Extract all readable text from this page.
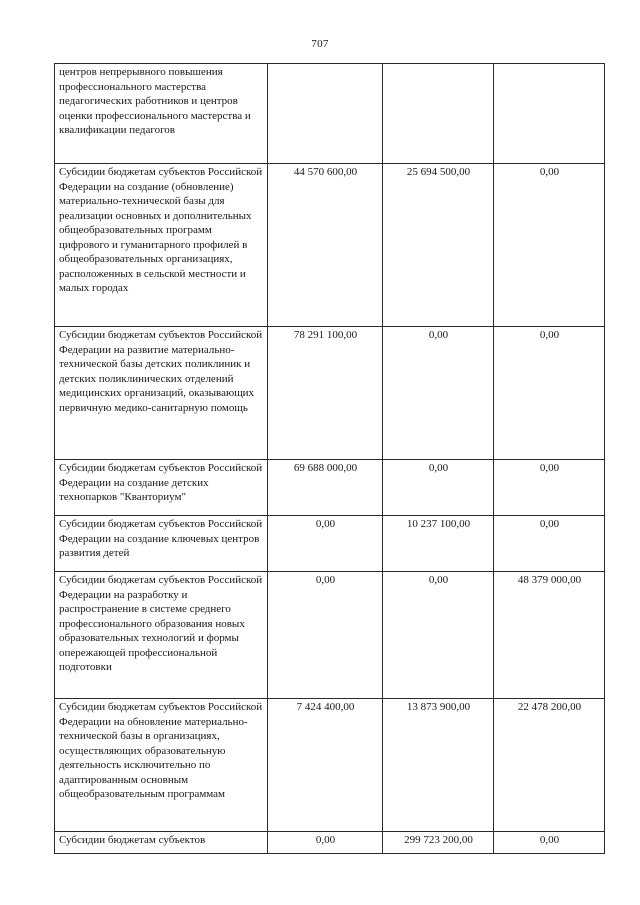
707
центров непрерывного повышения профессионального мастерства педагогических работников и центров оценки профессионального мастерства и квалификации педагогов			
Субсидии бюджетам субъектов Российской Федерации на создание (обновление) материально-технической базы для реализации основных и дополнительных общеобразовательных программ цифрового и гуманитарного профилей в общеобразовательных организациях, расположенных в сельской местности и малых городах	44 570 600,00	25 694 500,00	0,00
Субсидии бюджетам субъектов Российской Федерации на развитие материально-технической базы детских поликлиник и детских поликлинических отделений медицинских организаций, оказывающих первичную медико-санитарную помощь	78 291 100,00	0,00	0,00
Субсидии бюджетам субъектов Российской Федерации на создание детских технопарков "Кванториум"	69 688 000,00	0,00	0,00
Субсидии бюджетам субъектов Российской Федерации на создание ключевых центров развития детей	0,00	10 237 100,00	0,00
Субсидии бюджетам субъектов Российской Федерации на разработку и распространение в системе среднего профессионального образования новых образовательных технологий и формы опережающей профессиональной подготовки	0,00	0,00	48 379 000,00
Субсидии бюджетам субъектов Российской Федерации на обновление материально-технической базы в организациях, осуществляющих образовательную деятельность исключительно по адаптированным основным общеобразовательным программам	7 424 400,00	13 873 900,00	22 478 200,00
Субсидии бюджетам субъектов	0,00	299 723 200,00	0,00
